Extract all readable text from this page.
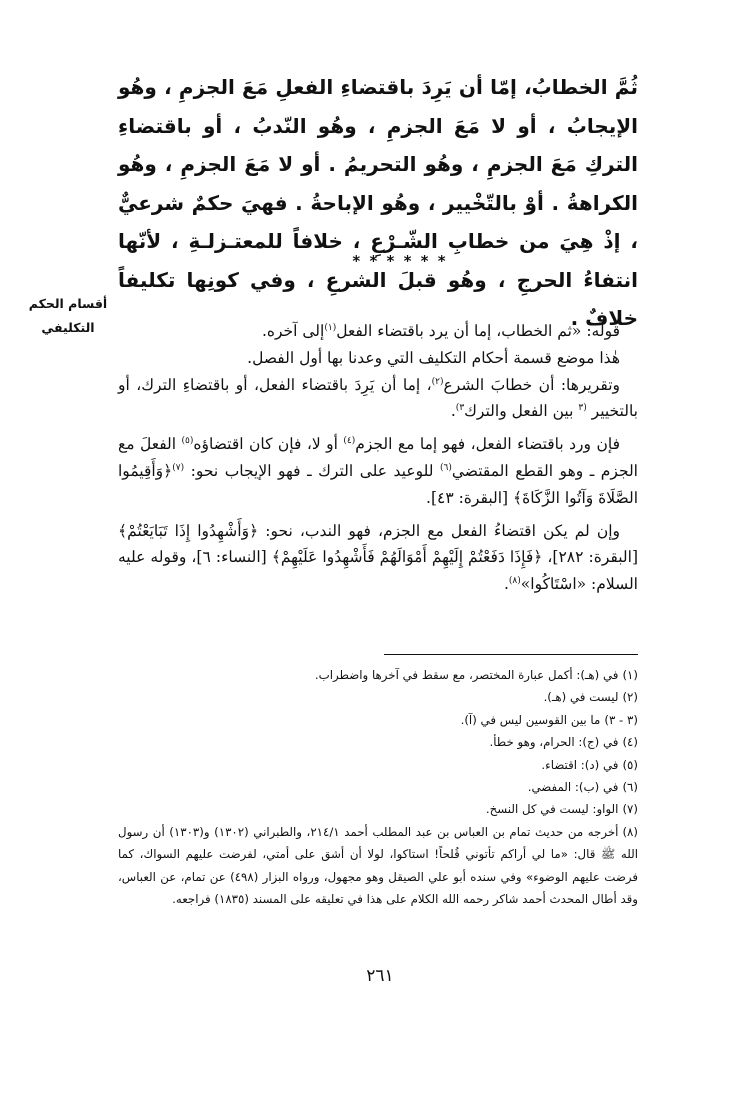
ثُمَّ الخطابُ، إمّا أن يَرِدَ باقتضاءِ الفعلِ مَعَ الجزمِ ، وهُو الإيجابُ ، أو لا مَعَ الجزمِ ، وهُو النّدبُ ، أو باقتضاءِ التركِ مَعَ الجزمِ ، وهُو التحريمُ . أو لا مَعَ الجزمِ ، وهُو الكراهةُ . أوْ بالتّخْيير ، وهُو الإباحةُ . فهيَ حكمٌ شرعيٌّ ، إذْ هِيَ من خطابِ الشّـرْعِ ، خلافاً للمعتـزلـةِ ، لأنّها انتفاءُ الحرجِ ، وهُو قبلَ الشرعِ ، وفي كونِها تكليفاً خلافٌ .
* * * * * *
أقسام الحكم
التكليفي	قوله: «ثم الخطاب، إما أن يرد باقتضاء الفعل$^{(١)}$إلى آخره.

هٰذا موضع قسمة أحكام التكليف التي وعدنا بها أول الفصل.

وتقريرها: أن خطابَ الشرع$^{(٢)}$، إما أن يَرِدَ باقتضاء الفعل، أو باقتضاءِ الترك، أو بالتخيير $^{(٣}$ بين الفعل والترك$^{٣)}$.

فإن ورد باقتضاء الفعل، فهو إما مع الجزم$^{(٤)}$ أو لا، فإن كان اقتضاؤه$^{(٥)}$ الفعلَ مع الجزم ـ وهو القطع المقتضي$^{(٦)}$ للوعيد على الترك ـ فهو الإيجاب نحو: $^{(٧)}$﴿وَأَقِيمُوا الصَّلَاةَ وَآتُوا الزَّكَاةَ﴾ [البقرة: ٤٣].

وإن لم يكن اقتضاءُ الفعل مع الجزم، فهو الندب، نحو: ﴿وَأَشْهِدُوا إِذَا تَبَايَعْتُمْ﴾ [البقرة: ٢٨٢]، ﴿فَإِذَا دَفَعْتُمْ إِلَيْهِمْ أَمْوَالَهُمْ فَأَشْهِدُوا عَلَيْهِمْ﴾ [النساء: ٦]، وقوله عليه السلام: «اسْتَاكُوا»$^{(٨)}$.

(١)في (هـ): أكمل عبارة المختصر، مع سقط في آخرها واضطراب.
(٢)ليست في (هـ).
(٣ - ٣)ما بين القوسين ليس في (آ).
(٤)في (ج): الحرام، وهو خطأ.
(٥)في (د): اقتضاء.
(٦)في (ب): المفضي.
(٧)الواو: ليست في كل النسخ.
(٨)أخرجه من حديث تمام بن العباس بن عبد المطلب أحمد ٢١٤/١، والطبراني (١٣٠٢) و(١٣٠٣) أن رسول الله ﷺ قال: «ما لي أراكم تأتوني قُلحاً! استاكوا، لولا أن أشق على أمتي، لفرضت عليهم السواك، كما فرضت عليهم الوضوء» وفي سنده أبو علي الصيقل وهو مجهول، ورواه البزار (٤٩٨) عن تمام، عن العباس، وقد أطال المحدث أحمد شاكر رحمه الله الكلام على هذا في تعليقه على المسند (١٨٣٥) فراجعه.
٢٦١
